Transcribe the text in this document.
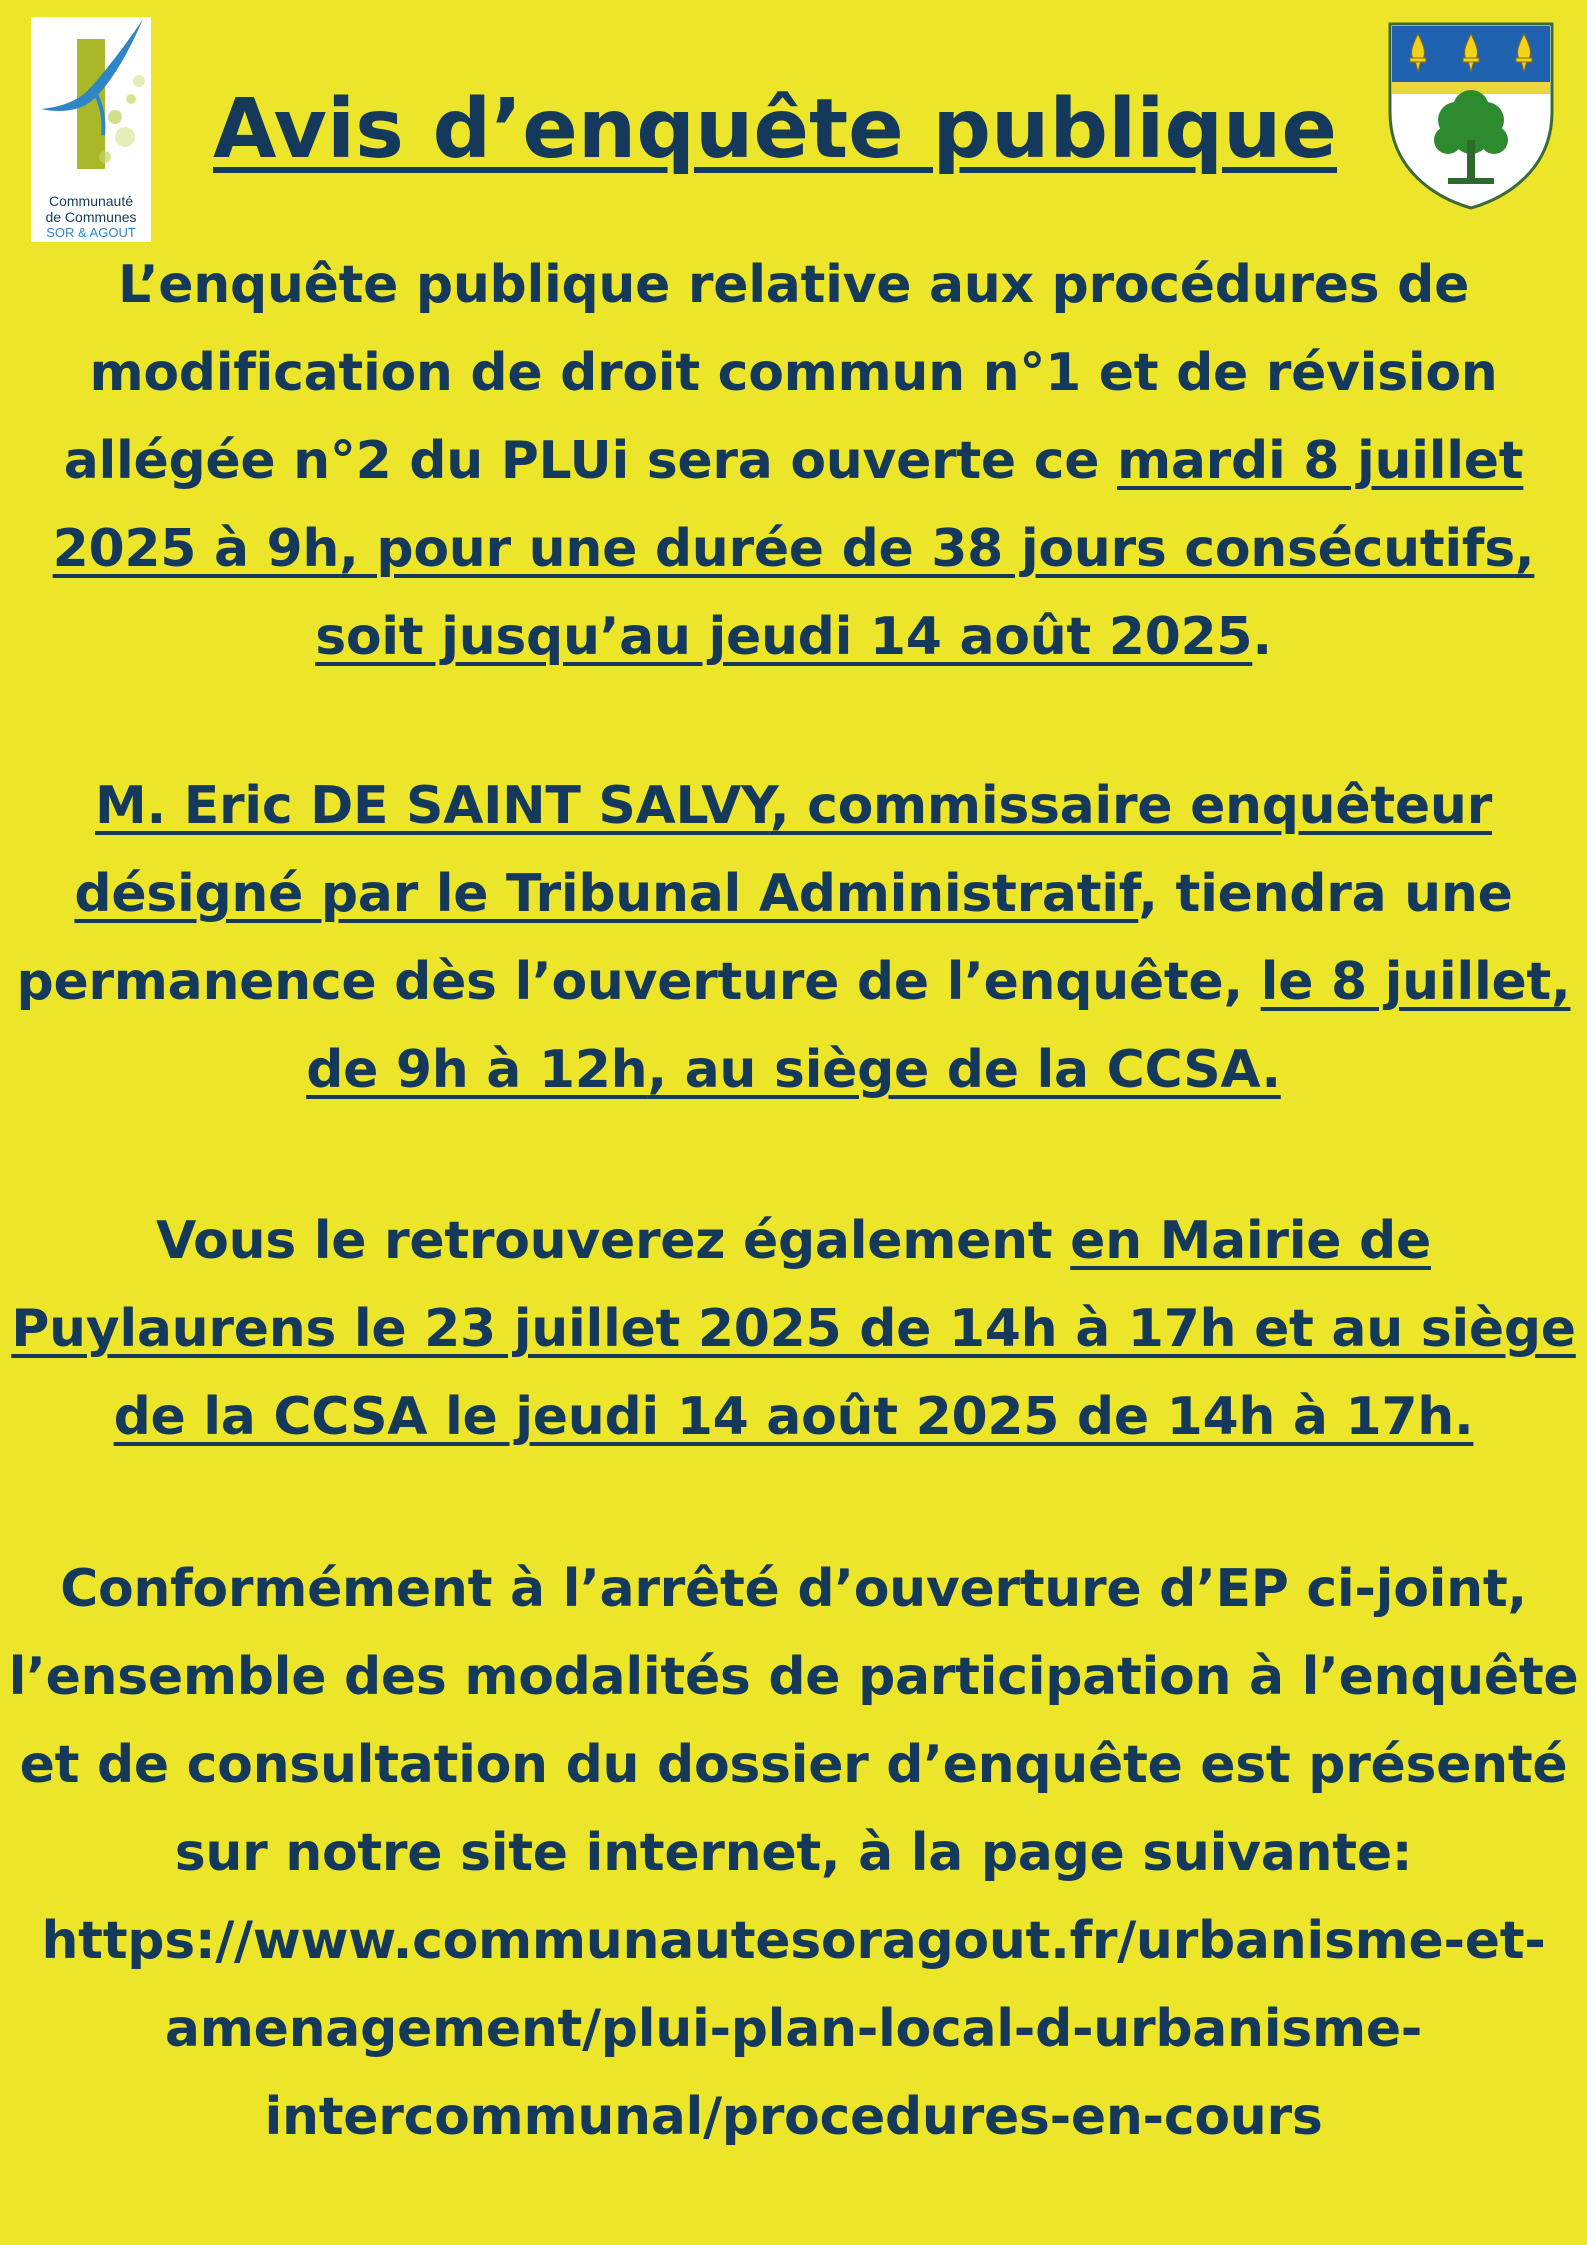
Communauté
de Communes
SOR & AGOUT
Avis d’enquête publique

L’enquête publique relative aux procédures de modification de droit commun n°1 et de révision allégée n°2 du PLUi sera ouverte ce mardi 8 juillet 2025 à 9h, pour une durée de 38 jours consécutifs, soit jusqu’au jeudi 14 août 2025.

M. Eric DE SAINT SALVY, commissaire enquêteur désigné par le Tribunal Administratif, tiendra une permanence dès l’ouverture de l’enquête, le 8 juillet, de 9h à 12h, au siège de la CCSA.

Vous le retrouverez également en Mairie de Puylaurens le 23 juillet 2025 de 14h à 17h et au siège de la CCSA le jeudi 14 août 2025 de 14h à 17h.

Conformément à l’arrêté d’ouverture d’EP ci-joint, l’ensemble des modalités de participation à l’enquête et de consultation du dossier d’enquête est présenté sur notre site internet, à la page suivante: https://www.communautesoragout.fr/urbanisme-et-amenagement/plui-plan-local-d-urbanisme-intercommunal/procedures-en-cours
